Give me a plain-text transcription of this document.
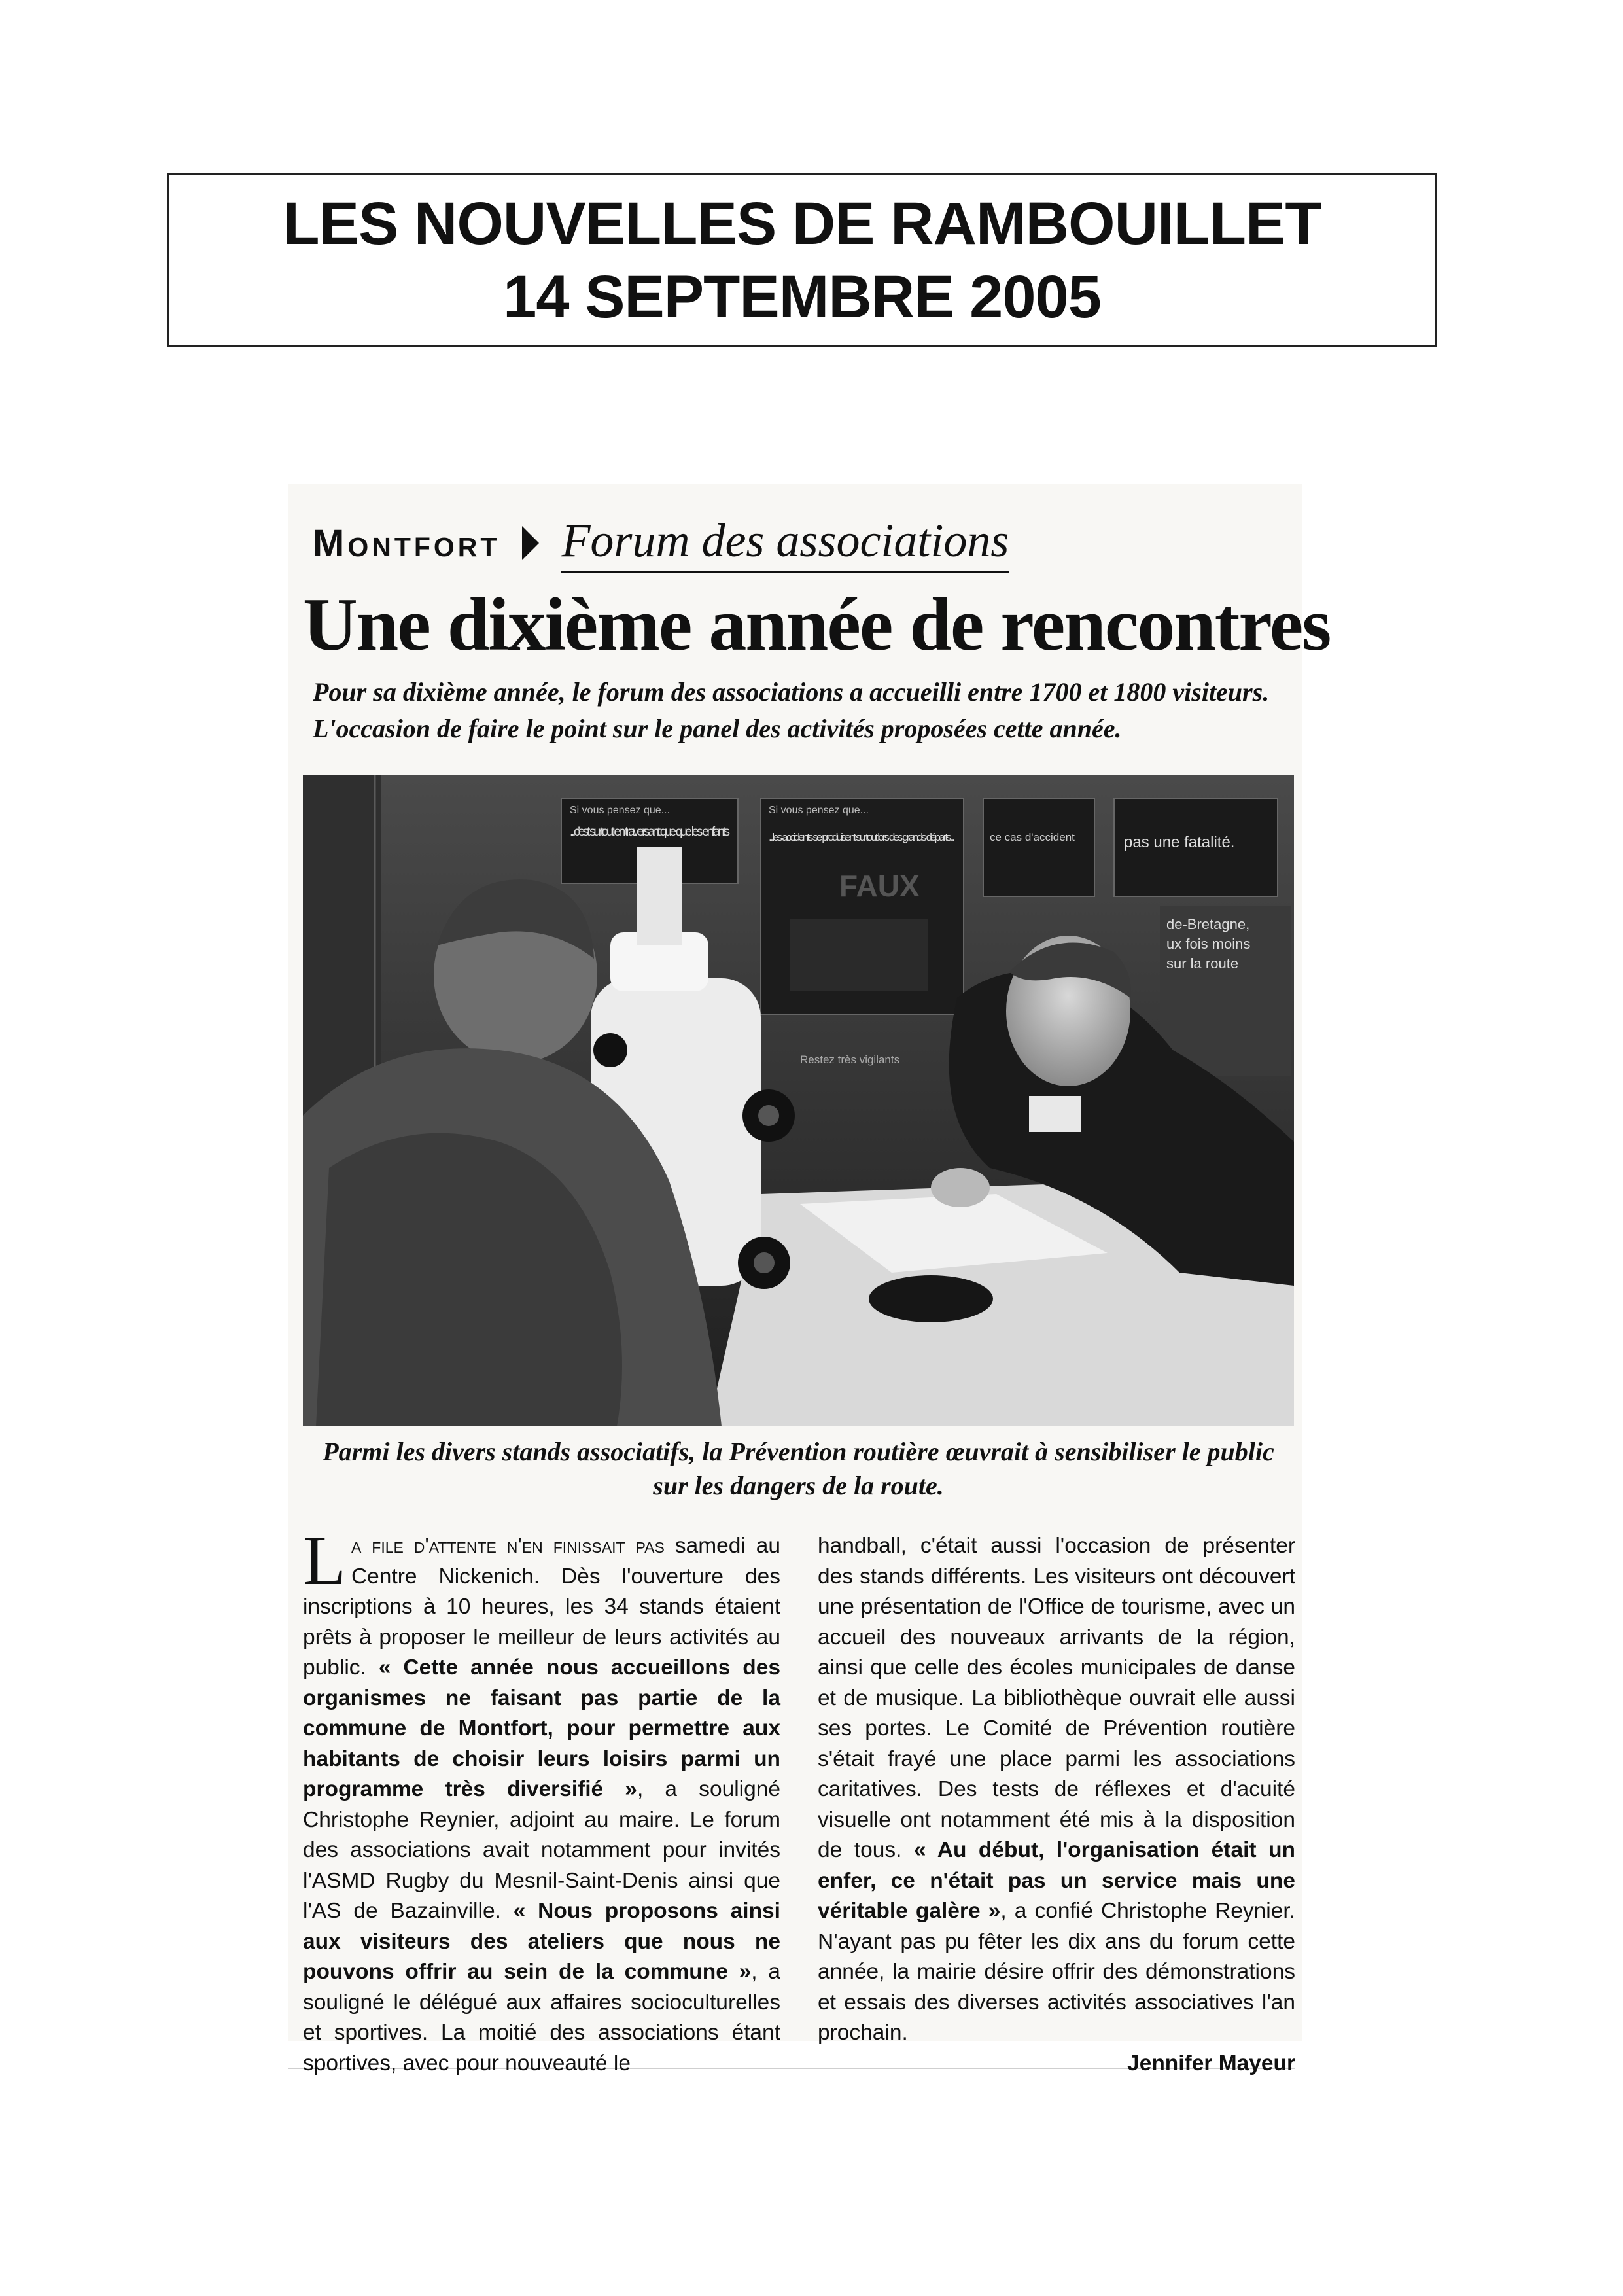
LES NOUVELLES DE RAMBOUILLET
14 SEPTEMBRE 2005
Montfort Forum des associations
Une dixième année de rencontres
Pour sa dixième année, le forum des associations a accueilli entre 1700 et 1800 visiteurs. L'occasion de faire le point sur le panel des activités proposées cette année.
Si vous pensez que...
...c'est surtout en traversant que que les enfants
Si vous pensez que...
...les accidents se produisent surtout lors des grands départs...
FAUX
Restez très vigilants
ce cas d'accident	pas une fatalité.
de-Bretagne,
ux fois moins
sur la route
Parmi les divers stands associatifs, la Prévention routière œuvrait à sensibiliser le public sur les dangers de la route.
L a file d'attente n'en finissait pas samedi au Centre Nickenich. Dès l'ouverture des inscriptions à 10 heures, les 34 stands étaient prêts à proposer le meilleur de leurs activités au public. « Cette année nous accueillons des organismes ne faisant pas partie de la commune de Montfort, pour permettre aux habitants de choisir leurs loisirs parmi un programme très diversifié », a souligné Christophe Reynier, adjoint au maire. Le forum des associations avait notamment pour invités l'ASMD Rugby du Mesnil-Saint-Denis ainsi que l'AS de Bazainville. « Nous proposons ainsi aux visiteurs des ateliers que nous ne pouvons offrir au sein de la commune », a souligné le délégué aux affaires socioculturelles et sportives. La moitié des associations étant sportives, avec pour nouveauté le
handball, c'était aussi l'occasion de présenter des stands différents. Les visiteurs ont découvert une présentation de l'Office de tourisme, avec un accueil des nouveaux arrivants de la région, ainsi que celle des écoles municipales de danse et de musique. La bibliothèque ouvrait elle aussi ses portes. Le Comité de Prévention routière s'était frayé une place parmi les associations caritatives. Des tests de réflexes et d'acuité visuelle ont notamment été mis à la disposition de tous. « Au début, l'organisation était un enfer, ce n'était pas un service mais une véritable galère », a confié Christophe Reynier. N'ayant pas pu fêter les dix ans du forum cette année, la mairie désire offrir des démonstrations et essais des diverses activités associatives l'an prochain.
Jennifer Mayeur
